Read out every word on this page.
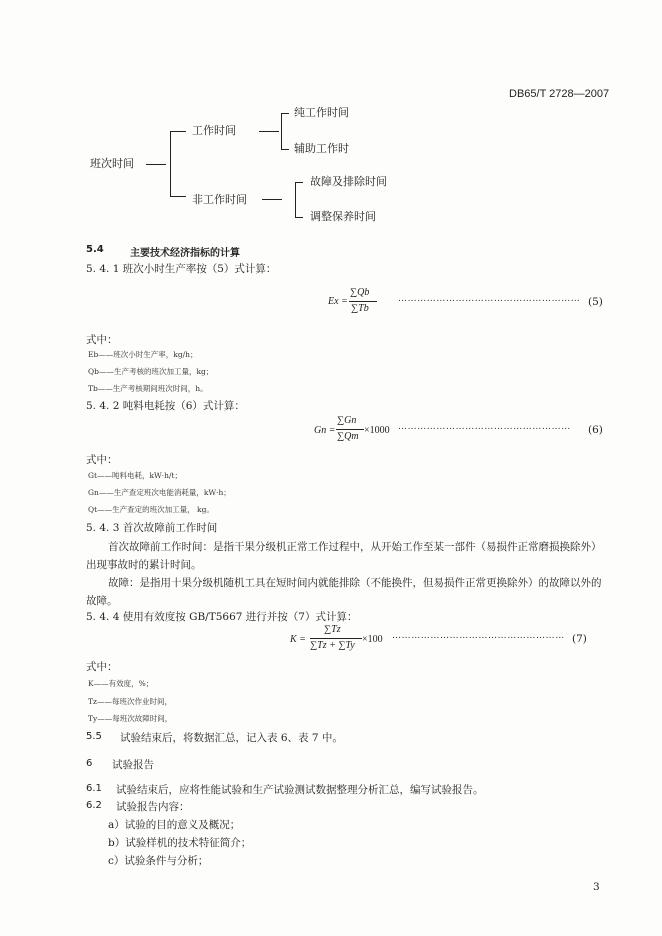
DB65/T 2728—2007
班次时间
工作时间
纯工作时间
辅助工作时
非工作时间
故障及排除时间
调整保养时间
5.4	主要技术经济指标的计算
5. 4. 1 班次小时生产率按（5）式计算：
Ex =
∑Qb
∑Tb
………………………………………………… (5)
式中：
Eb——班次小时生产率，kg/h；
Qb——生产考核的班次加工量，kg；
Tb——生产考核期间班次时间，h。
5. 4. 2 吨料电耗按（6）式计算：
Gn =
∑Gn
∑Qm
×1000 ……………………………………………… (6)
式中：
Gt——吨料电耗，kW·h/t；
Gn——生产查定班次电能消耗量，kW·h；
Qt——生产查定的班次加工量， kg。
5. 4. 3 首次故障前工作时间
首次故障前工作时间：是指干果分级机正常工作过程中，从开始工作至某一部件（易损件正常磨损换除外）出现事故时的累计时间。
故障：是指用十果分级机随机工具在短时间内就能排除（不能换件，但易损件正常更换除外）的故障以外的故障。
5. 4. 4 使用有效度按 GB/T5667 进行并按（7）式计算：
K =
∑Tz
∑Tz + ∑Ty
×100 ……………………………………………… (7)
式中：
K——有效度，%；
Tz——每班次作业时间，
Ty——每班次故障时间，
5.5 试验结束后，将数据汇总，记入表 6、表 7 中。
6 试验报告
6.1 试验结束后，应将性能试验和生产试验测试数据整理分析汇总，编写试验报告。
6.2 试验报告内容：
a）试验的目的意义及概况；
b）试验样机的技术特征简介；
c）试验条件与分析；
3
